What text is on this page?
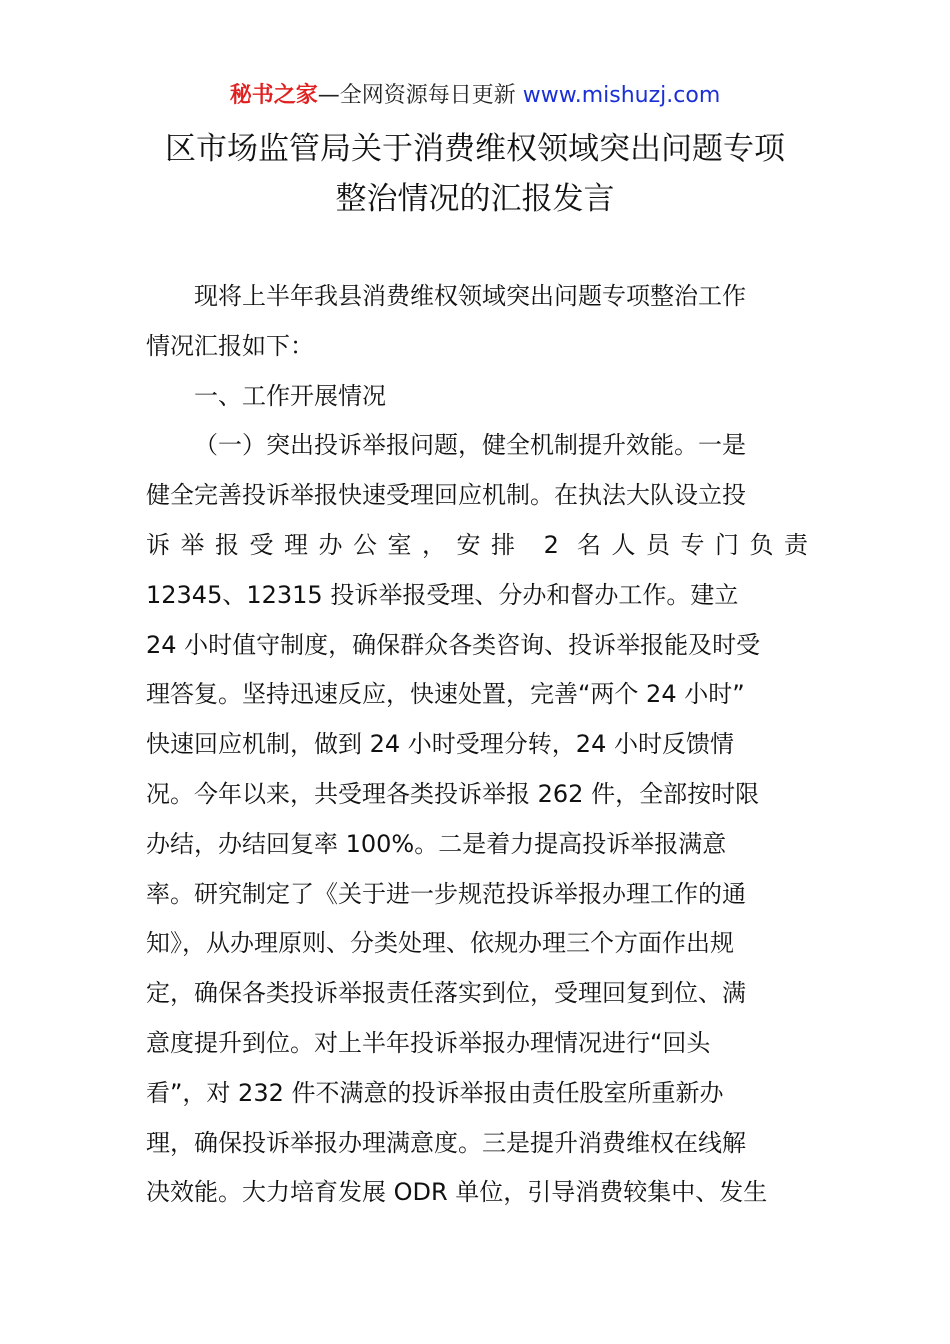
秘书之家—全网资源每日更新 www.mishuzj.com
区市场监管局关于消费维权领域突出问题专项
整治情况的汇报发言
现将上半年我县消费维权领域突出问题专项整治工作
情况汇报如下：
一、工作开展情况
（一）突出投诉举报问题，健全机制提升效能。一是
健全完善投诉举报快速受理回应机制。在执法大队设立投
诉举报受理办公室，安排 2 名人员专门负责
12345、12315 投诉举报受理、分办和督办工作。建立
24 小时值守制度，确保群众各类咨询、投诉举报能及时受
理答复。坚持迅速反应，快速处置，完善“两个 24 小时”
快速回应机制，做到 24 小时受理分转，24 小时反馈情
况。今年以来，共受理各类投诉举报 262 件，全部按时限
办结，办结回复率 100%。二是着力提高投诉举报满意
率。研究制定了《关于进一步规范投诉举报办理工作的通
知》，从办理原则、分类处理、依规办理三个方面作出规
定，确保各类投诉举报责任落实到位，受理回复到位、满
意度提升到位。对上半年投诉举报办理情况进行“回头
看”，对 232 件不满意的投诉举报由责任股室所重新办
理，确保投诉举报办理满意度。三是提升消费维权在线解
决效能。大力培育发展 ODR 单位，引导消费较集中、发生
